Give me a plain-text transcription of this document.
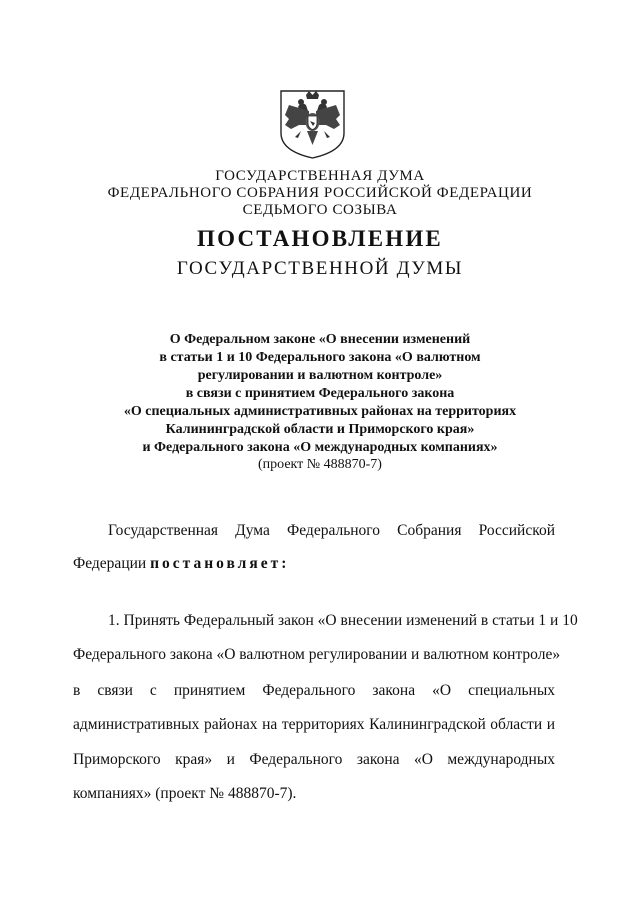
ГОСУДАРСТВЕННАЯ ДУМА
ФЕДЕРАЛЬНОГО СОБРАНИЯ РОССИЙСКОЙ ФЕДЕРАЦИИ
СЕДЬМОГО СОЗЫВА
ПОСТАНОВЛЕНИЕ
ГОСУДАРСТВЕННОЙ ДУМЫ
О Федеральном законе «О внесении изменений
в статьи 1 и 10 Федерального закона «О валютном
регулировании и валютном контроле»
в связи с принятием Федерального закона
«О специальных административных районах на территориях
Калининградской области и Приморского края»
и Федерального закона «О международных компаниях»
(проект № 488870-7)
Государственная Дума Федерального Собрания Российской
Федерации постановляет:
1. Принять Федеральный закон «О внесении изменений в статьи 1 и 10
Федерального закона «О валютном регулировании и валютном контроле»
в связи с принятием Федерального закона «О специальных
административных районах на территориях Калининградской области и
Приморского края» и Федерального закона «О международных
компаниях» (проект № 488870-7).
